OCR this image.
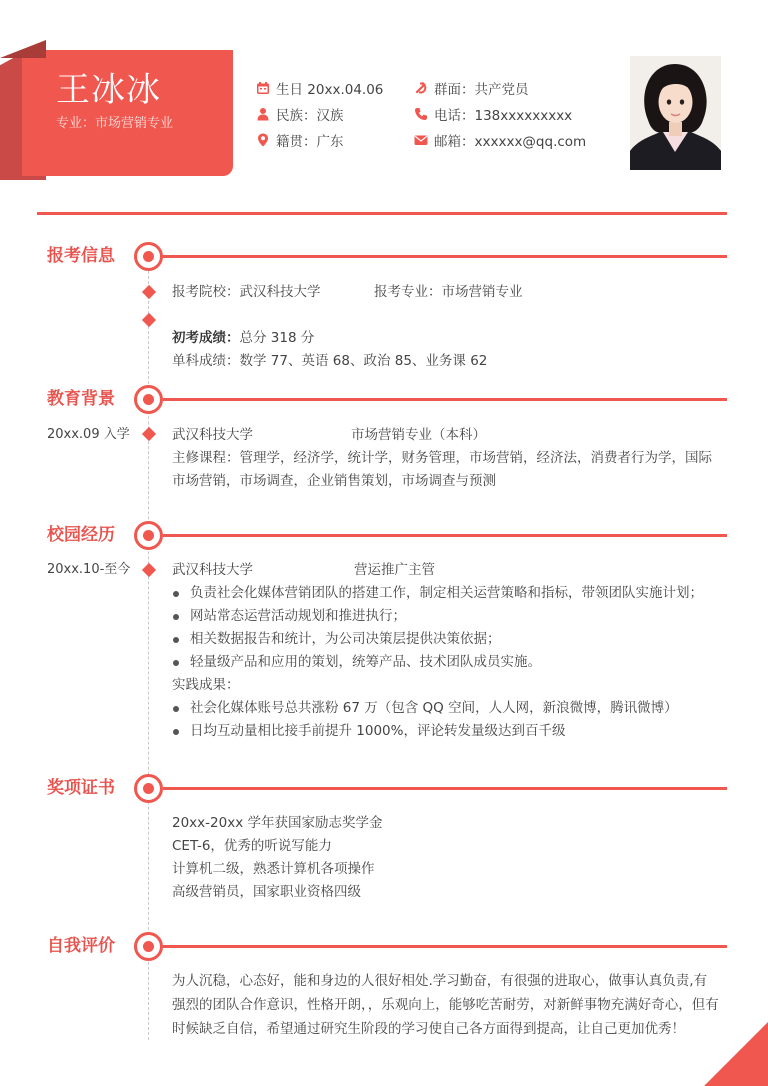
王冰冰
专业：市场营销专业
生日 20xx.04.06	群面：共产党员
民族：汉族	电话：138xxxxxxxxx
籍贯：广东	邮箱：xxxxxx@qq.com
报考信息
报考院校：武汉科技大学	报考专业：市场营销专业
初考成绩：总分 318 分
单科成绩：数学 77、英语 68、政治 85、业务课 62
教育背景
20xx.09 入学	武汉科技大学	市场营销专业（本科）
主修课程：管理学，经济学，统计学，财务管理，市场营销，经济法，消费者行为学，国际
市场营销，市场调查，企业销售策划，市场调查与预测
校园经历
20xx.10-至今	武汉科技大学	营运推广主管
负责社会化媒体营销团队的搭建工作，制定相关运营策略和指标，带领团队实施计划；
网站常态运营活动规划和推进执行；
相关数据报告和统计，为公司决策层提供决策依据；
轻量级产品和应用的策划，统筹产品、技术团队成员实施。
实践成果：
社会化媒体账号总共涨粉 67 万（包含 QQ 空间，人人网，新浪微博，腾讯微博）
日均互动量相比接手前提升 1000%，评论转发量级达到百千级
奖项证书
20xx-20xx 学年获国家励志奖学金
CET-6，优秀的听说写能力
计算机二级，熟悉计算机各项操作
高级营销员，国家职业资格四级
自我评价
为人沉稳，心态好，能和身边的人很好相处.学习勤奋，有很强的进取心，做事认真负责,有
强烈的团队合作意识，性格开朗，，乐观向上，能够吃苦耐劳，对新鲜事物充满好奇心，但有
时候缺乏自信，希望通过研究生阶段的学习使自己各方面得到提高，让自己更加优秀！
